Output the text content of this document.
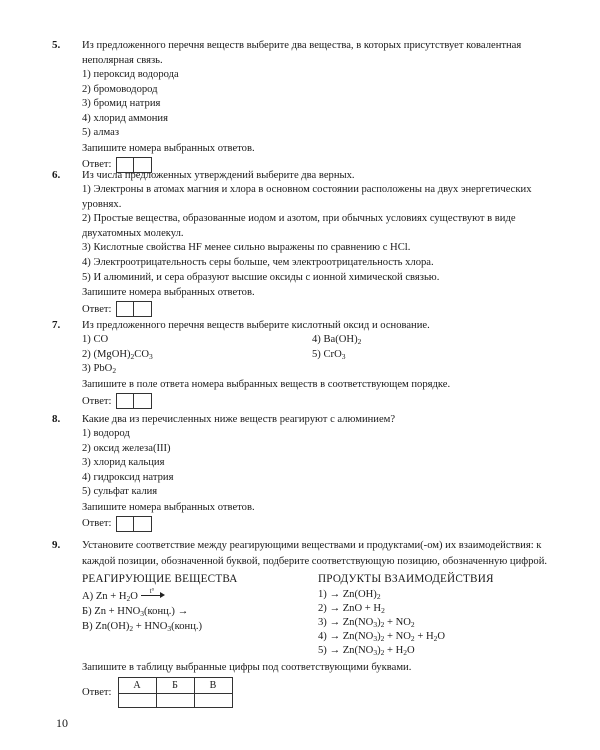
5. Из предложенного перечня веществ выберите два вещества, в которых присутствует ковалентная неполярная связь.
1) пероксид водорода
2) бромоводород
3) бромид натрия
4) хлорид аммония
5) алмаз
Запишите номера выбранных ответов.
Ответ:
6. Из числа предложенных утверждений выберите два верных.
1) Электроны в атомах магния и хлора в основном состоянии расположены на двух энергетических уровнях.
2) Простые вещества, образованные иодом и азотом, при обычных условиях существуют в виде двухатомных молекул.
3) Кислотные свойства HF менее сильно выражены по сравнению с HCl.
4) Электроотрицательность серы больше, чем электроотрицательность хлора.
5) И алюминий, и сера образуют высшие оксиды с ионной химической связью.
Запишите номера выбранных ответов.
Ответ:
7. Из предложенного перечня веществ выберите кислотный оксид и основание.
1) CO
2) $(MgOH)_2CO_3$
3) PbO$_2$
4) $Ba(OH)_2$
5) CrO$_3$
Запишите в поле ответа номера выбранных веществ в соответствующем порядке.
Ответ:
8. Какие два из перечисленных ниже веществ реагируют с алюминием?
1) водород
2) оксид железа(III)
3) хлорид кальция
4) гидроксид натрия
5) сульфат калия
Запишите номера выбранных ответов.
Ответ:
9. Установите соответствие между реагирующими веществами и продуктами(-ом) их взаимодействия: к каждой позиции, обозначенной буквой, подберите соответствующую позицию, обозначенную цифрой.
РЕАГИРУЮЩИЕ ВЕЩЕСТВА
А) $Zn + H_2O$ t°
Б) $Zn + HNO_3(конц.)$ →
В) $Zn(OH)_2$ + $HNO_3(конц.)$
ПРОДУКТЫ ВЗАИМОДЕЙСТВИЯ
$1) \to Zn(OH)_2$
2) → ZnO + $H_2$
$3) \to Zn(NO_3)_2 + NO_2$
$4) \to Zn(NO_3)_2 + NO_2 + H_2O$
$5) \to Zn(NO_3)_2 + H_2O$
Запишите в таблицу выбранные цифры под соответствующими буквами.
Ответ:
А	Б	В

10
